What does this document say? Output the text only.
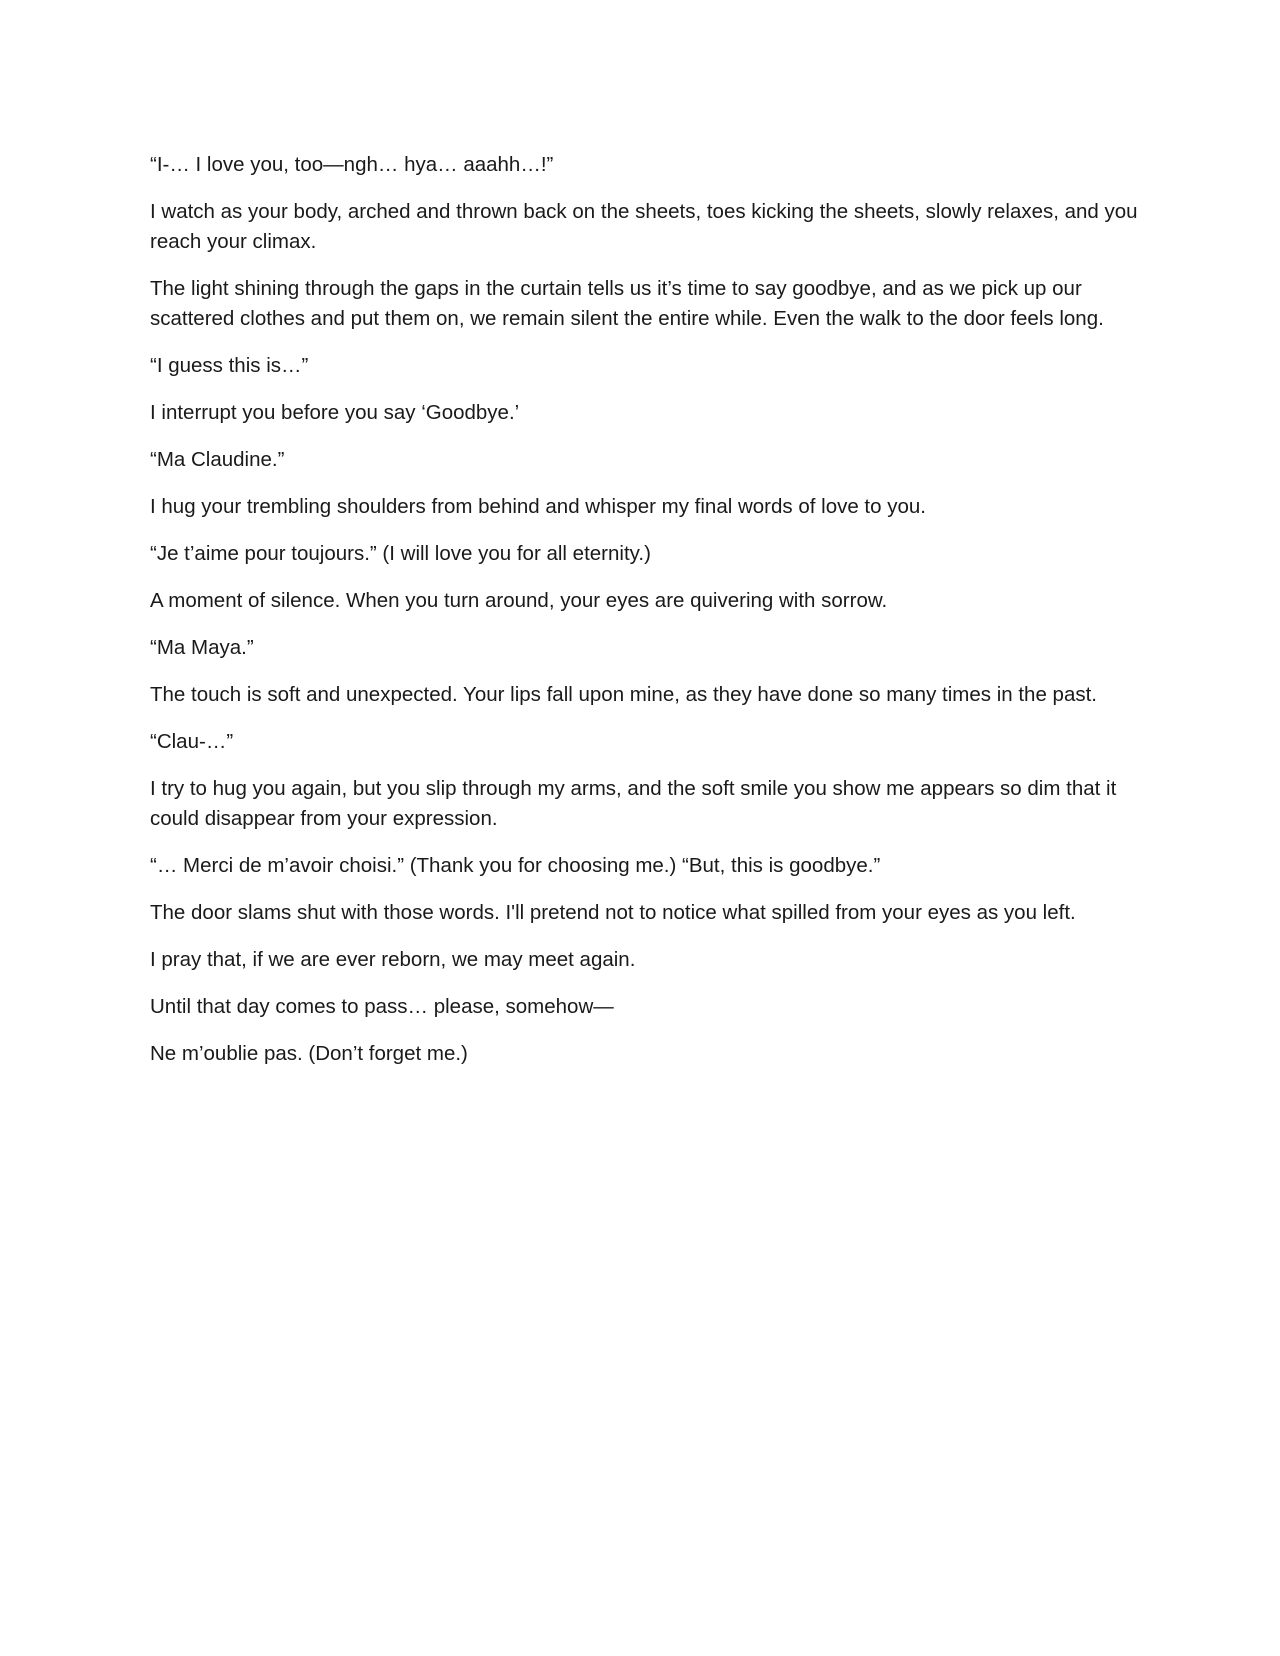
“I-… I love you, too—ngh… hya… aaahh…!”

I watch as your body, arched and thrown back on the sheets, toes kicking the sheets, slowly relaxes, and you reach your climax.

The light shining through the gaps in the curtain tells us it’s time to say goodbye, and as we pick up our scattered clothes and put them on, we remain silent the entire while. Even the walk to the door feels long.

“I guess this is…”

I interrupt you before you say ‘Goodbye.’

“Ma Claudine.”

I hug your trembling shoulders from behind and whisper my final words of love to you.

“Je t’aime pour toujours.” (I will love you for all eternity.)

A moment of silence. When you turn around, your eyes are quivering with sorrow.

“Ma Maya.”

The touch is soft and unexpected. Your lips fall upon mine, as they have done so many times in the past.

“Clau-…”

I try to hug you again, but you slip through my arms, and the soft smile you show me appears so dim that it could disappear from your expression.

“… Merci de m’avoir choisi.” (Thank you for choosing me.) “But, this is goodbye.”

The door slams shut with those words. I'll pretend not to notice what spilled from your eyes as you left.

I pray that, if we are ever reborn, we may meet again.

Until that day comes to pass… please, somehow—

Ne m’oublie pas. (Don’t forget me.)
